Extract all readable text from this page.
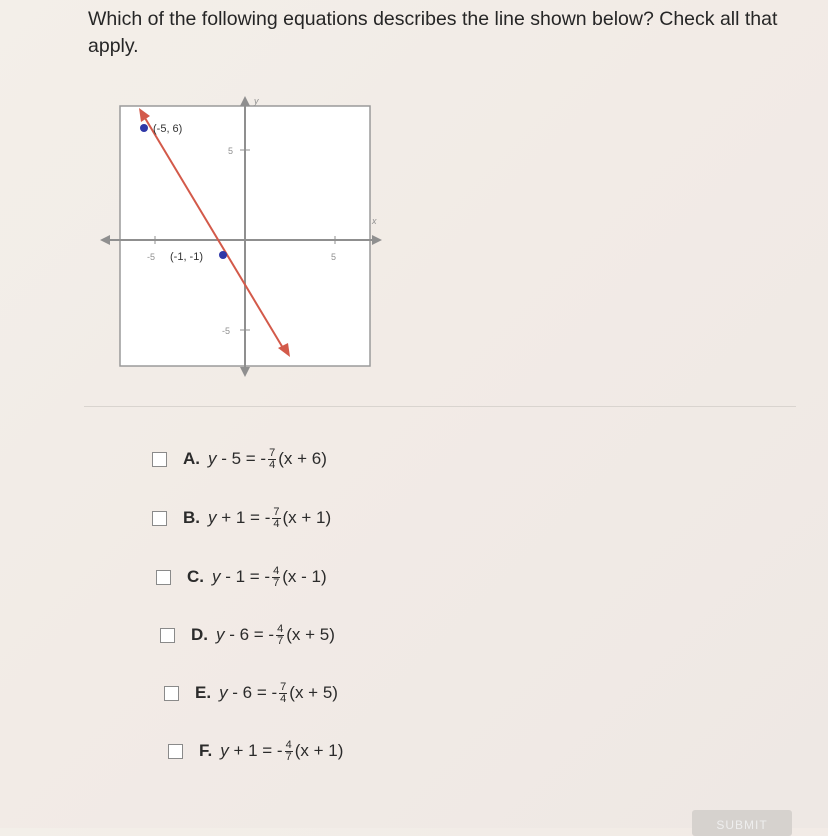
Which of the following equations describes the line shown below? Check all that apply.
y
x
-5	5
5
-5
(-5, 6)
(-1, -1)
A. y - 5 = - $\frac{7}{4} (x + 6)$
B. y + 1 = - $\frac{7}{4} (x + 1)$
C. y - 1 = - $\frac{4}{7} (x - 1)$
D. y - 6 = - $\frac{4}{7} (x + 5)$
E. y - 6 = - $\frac{7}{4} (x + 5)$
F. y + 1 = - $\frac{4}{7} (x + 1)$
SUBMIT
